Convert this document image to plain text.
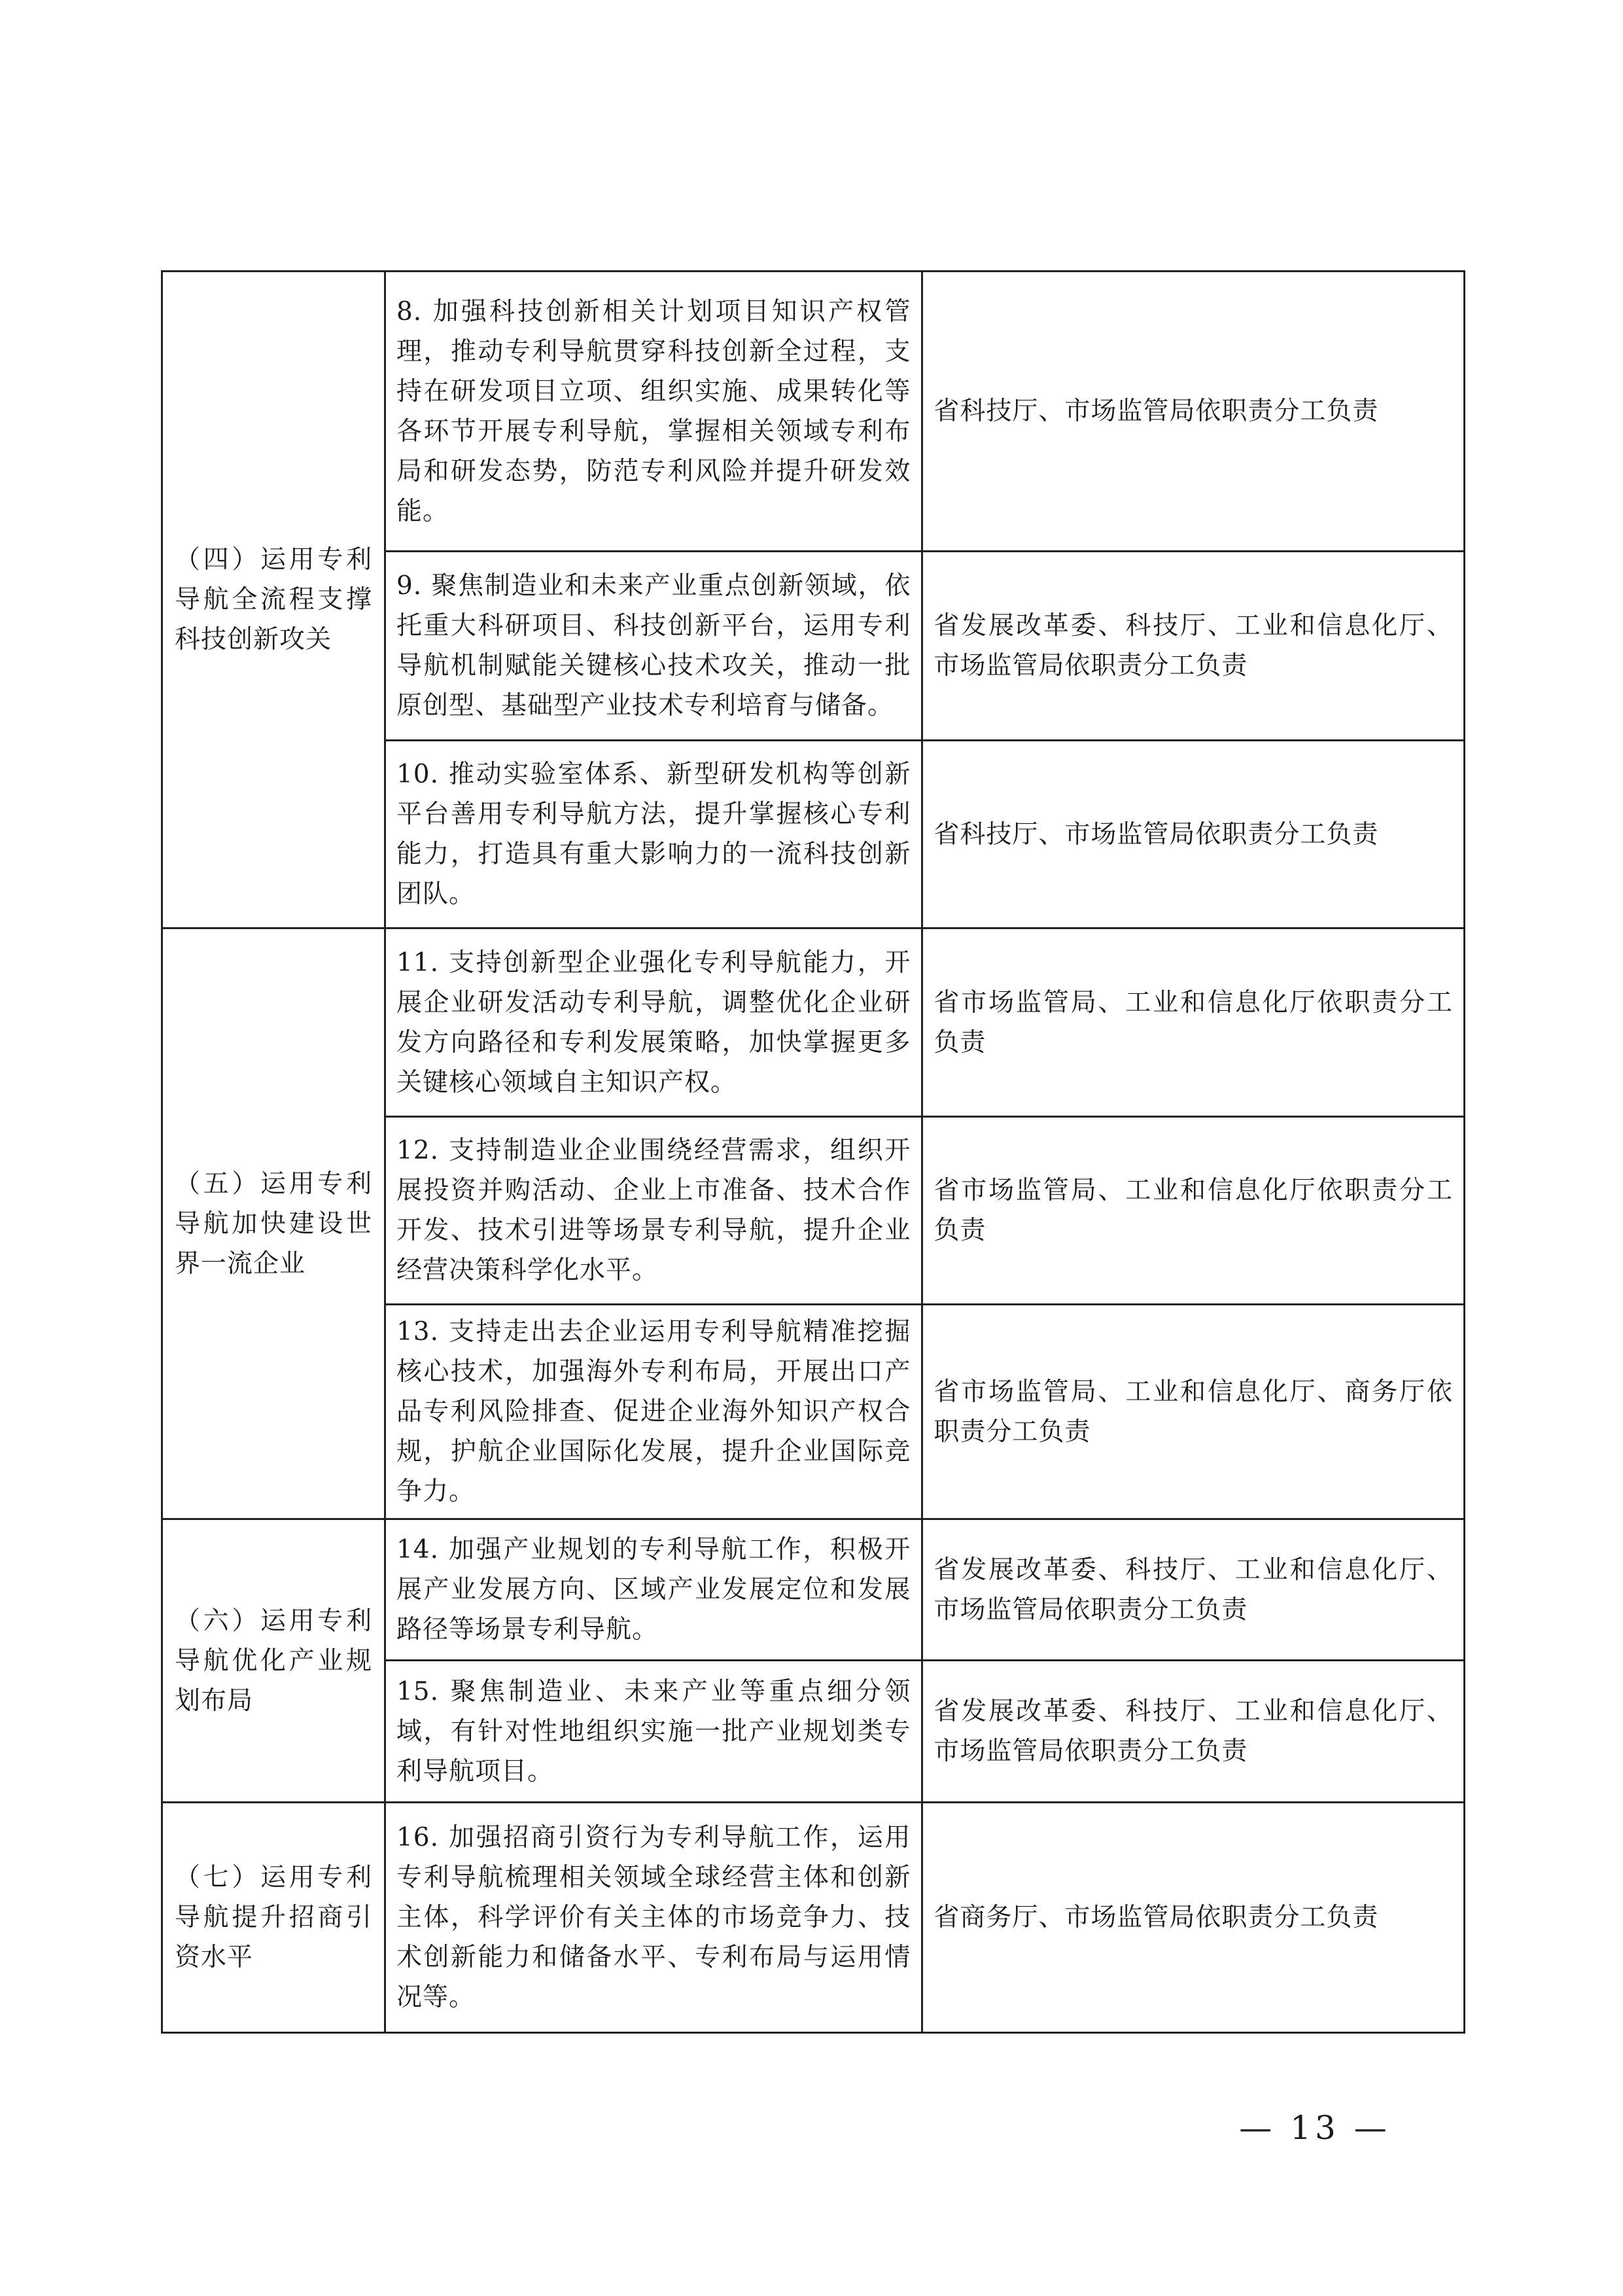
（四）运用专利导航全流程支撑科技创新攻关	8. 加强科技创新相关计划项目知识产权管理，推动专利导航贯穿科技创新全过程，支持在研发项目立项、组织实施、成果转化等各环节开展专利导航，掌握相关领域专利布局和研发态势，防范专利风险并提升研发效能。	省科技厅、市场监管局依职责分工负责
	9. 聚焦制造业和未来产业重点创新领域，依托重大科研项目、科技创新平台，运用专利导航机制赋能关键核心技术攻关，推动一批原创型、基础型产业技术专利培育与储备。	省发展改革委、科技厅、工业和信息化厅、市场监管局依职责分工负责
	10. 推动实验室体系、新型研发机构等创新平台善用专利导航方法，提升掌握核心专利能力，打造具有重大影响力的一流科技创新团队。	省科技厅、市场监管局依职责分工负责
（五）运用专利导航加快建设世界一流企业	11. 支持创新型企业强化专利导航能力，开展企业研发活动专利导航，调整优化企业研发方向路径和专利发展策略，加快掌握更多关键核心领域自主知识产权。	省市场监管局、工业和信息化厅依职责分工负责
	12. 支持制造业企业围绕经营需求，组织开展投资并购活动、企业上市准备、技术合作开发、技术引进等场景专利导航，提升企业经营决策科学化水平。	省市场监管局、工业和信息化厅依职责分工负责
	13. 支持走出去企业运用专利导航精准挖掘核心技术，加强海外专利布局，开展出口产品专利风险排查、促进企业海外知识产权合规，护航企业国际化发展，提升企业国际竞争力。	省市场监管局、工业和信息化厅、商务厅依职责分工负责
（六）运用专利导航优化产业规划布局	14. 加强产业规划的专利导航工作，积极开展产业发展方向、区域产业发展定位和发展路径等场景专利导航。	省发展改革委、科技厅、工业和信息化厅、市场监管局依职责分工负责
	15. 聚焦制造业、未来产业等重点细分领域，有针对性地组织实施一批产业规划类专利导航项目。	省发展改革委、科技厅、工业和信息化厅、市场监管局依职责分工负责
（七）运用专利导航提升招商引资水平	16. 加强招商引资行为专利导航工作，运用专利导航梳理相关领域全球经营主体和创新主体，科学评价有关主体的市场竞争力、技术创新能力和储备水平、专利布局与运用情况等。	省商务厅、市场监管局依职责分工负责
— 13 —
